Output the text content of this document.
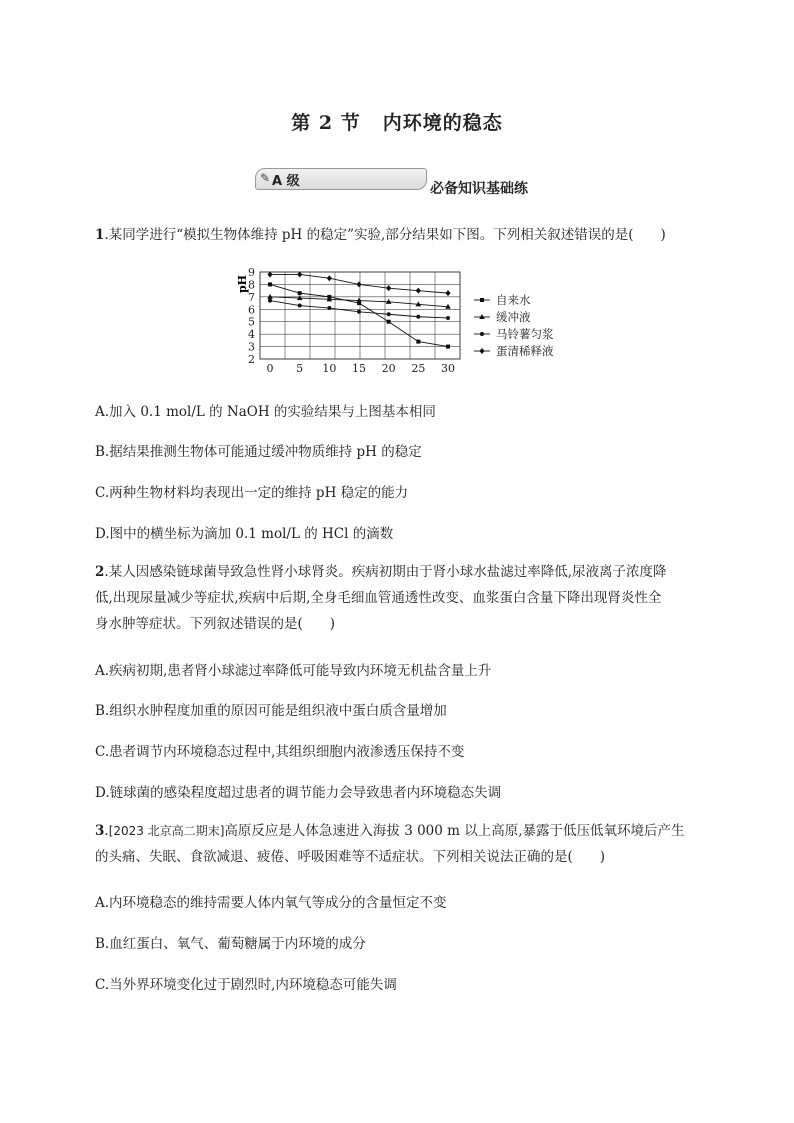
第 2 节 内环境的稳态
✎ A 级	必备知识基础练
1.某同学进行“模拟生物体维持 pH 的稳定”实验,部分结果如下图。下列相关叙述错误的是(　　)
2
3
4
5
6
7
8
9
0 5 10 15 20 25 30
自来水
缓冲液
马铃薯匀浆
蛋清稀释液
pH
A.加入 0.1 mol/L 的 NaOH 的实验结果与上图基本相同
B.据结果推测生物体可能通过缓冲物质维持 pH 的稳定
C.两种生物材料均表现出一定的维持 pH 稳定的能力
D.图中的横坐标为滴加 0.1 mol/L 的 HCl 的滴数
2.某人因感染链球菌导致急性肾小球肾炎。疾病初期由于肾小球水盐滤过率降低,尿液离子浓度降
低,出现尿量减少等症状,疾病中后期,全身毛细血管通透性改变、血浆蛋白含量下降出现肾炎性全
身水肿等症状。下列叙述错误的是(　　)
A.疾病初期,患者肾小球滤过率降低可能导致内环境无机盐含量上升
B.组织水肿程度加重的原因可能是组织液中蛋白质含量增加
C.患者调节内环境稳态过程中,其组织细胞内液渗透压保持不变
D.链球菌的感染程度超过患者的调节能力会导致患者内环境稳态失调
3.[2023 北京高二期末]高原反应是人体急速进入海拔 3 000 m 以上高原,暴露于低压低氧环境后产生
的头痛、失眠、食欲减退、疲倦、呼吸困难等不适症状。下列相关说法正确的是(　　)
A.内环境稳态的维持需要人体内氧气等成分的含量恒定不变
B.血红蛋白、氧气、葡萄糖属于内环境的成分
C.当外界环境变化过于剧烈时,内环境稳态可能失调
